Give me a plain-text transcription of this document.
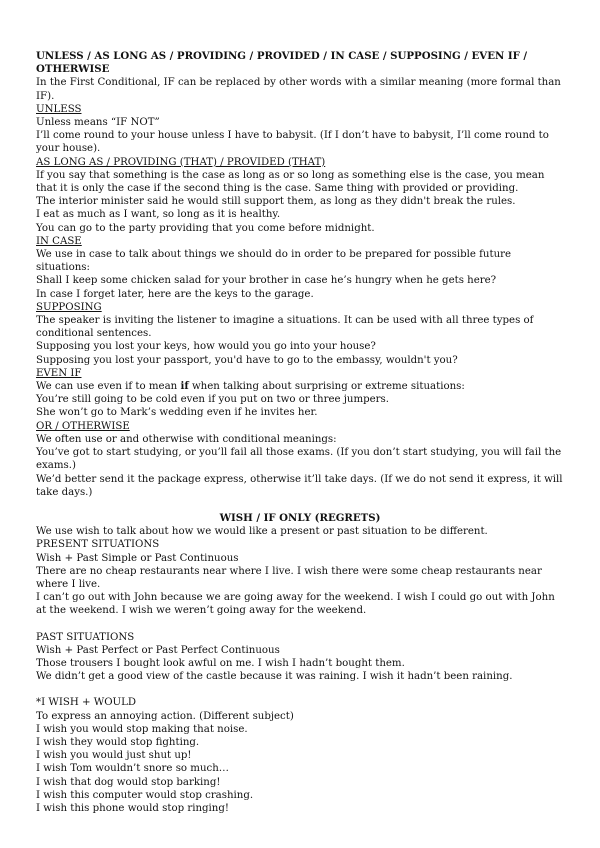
UNLESS / AS LONG AS / PROVIDING / PROVIDED / IN CASE / SUPPOSING / EVEN IF / OTHERWISE
In the First Conditional, IF can be replaced by other words with a similar meaning (more formal than IF).
UNLESS
Unless means “IF NOT”
I’ll come round to your house unless I have to babysit. (If I don’t have to babysit, I’ll come round to your house).
AS LONG AS / PROVIDING (THAT) / PROVIDED (THAT)
If you say that something is the case as long as or so long as something else is the case, you mean that it is only the case if the second thing is the case. Same thing with provided or providing.
The interior minister said he would still support them, as long as they didn't break the rules.
I eat as much as I want, so long as it is healthy.
You can go to the party providing that you come before midnight.
IN CASE
We use in case to talk about things we should do in order to be prepared for possible future situations:
Shall I keep some chicken salad for your brother in case he’s hungry when he gets here?
In case I forget later, here are the keys to the garage.
SUPPOSING
The speaker is inviting the listener to imagine a situations. It can be used with all three types of conditional sentences.
Supposing you lost your keys, how would you go into your house?
Supposing you lost your passport, you'd have to go to the embassy, wouldn't you?
EVEN IF
We can use even if to mean if when talking about surprising or extreme situations:
You’re still going to be cold even if you put on two or three jumpers.
She won’t go to Mark’s wedding even if he invites her.
OR / OTHERWISE
We often use or and otherwise with conditional meanings:
You’ve got to start studying, or you’ll fail all those exams. (If you don’t start studying, you will fail the exams.)
We’d better send it the package express, otherwise it’ll take days. (If we do not send it express, it will take days.)
WISH / IF ONLY (REGRETS)
We use wish to talk about how we would like a present or past situation to be different.
PRESENT SITUATIONS
Wish + Past Simple or Past Continuous
There are no cheap restaurants near where I live. I wish there were some cheap restaurants near where I live.
I can’t go out with John because we are going away for the weekend. I wish I could go out with John at the weekend. I wish we weren’t going away for the weekend.
PAST SITUATIONS
Wish + Past Perfect or Past Perfect Continuous
Those trousers I bought look awful on me. I wish I hadn’t bought them.
We didn’t get a good view of the castle because it was raining. I wish it hadn’t been raining.
*I WISH + WOULD
To express an annoying action. (Different subject)
I wish you would stop making that noise.
I wish they would stop fighting.
I wish you would just shut up!
I wish Tom wouldn’t snore so much…
I wish that dog would stop barking!
I wish this computer would stop crashing.
I wish this phone would stop ringing!
